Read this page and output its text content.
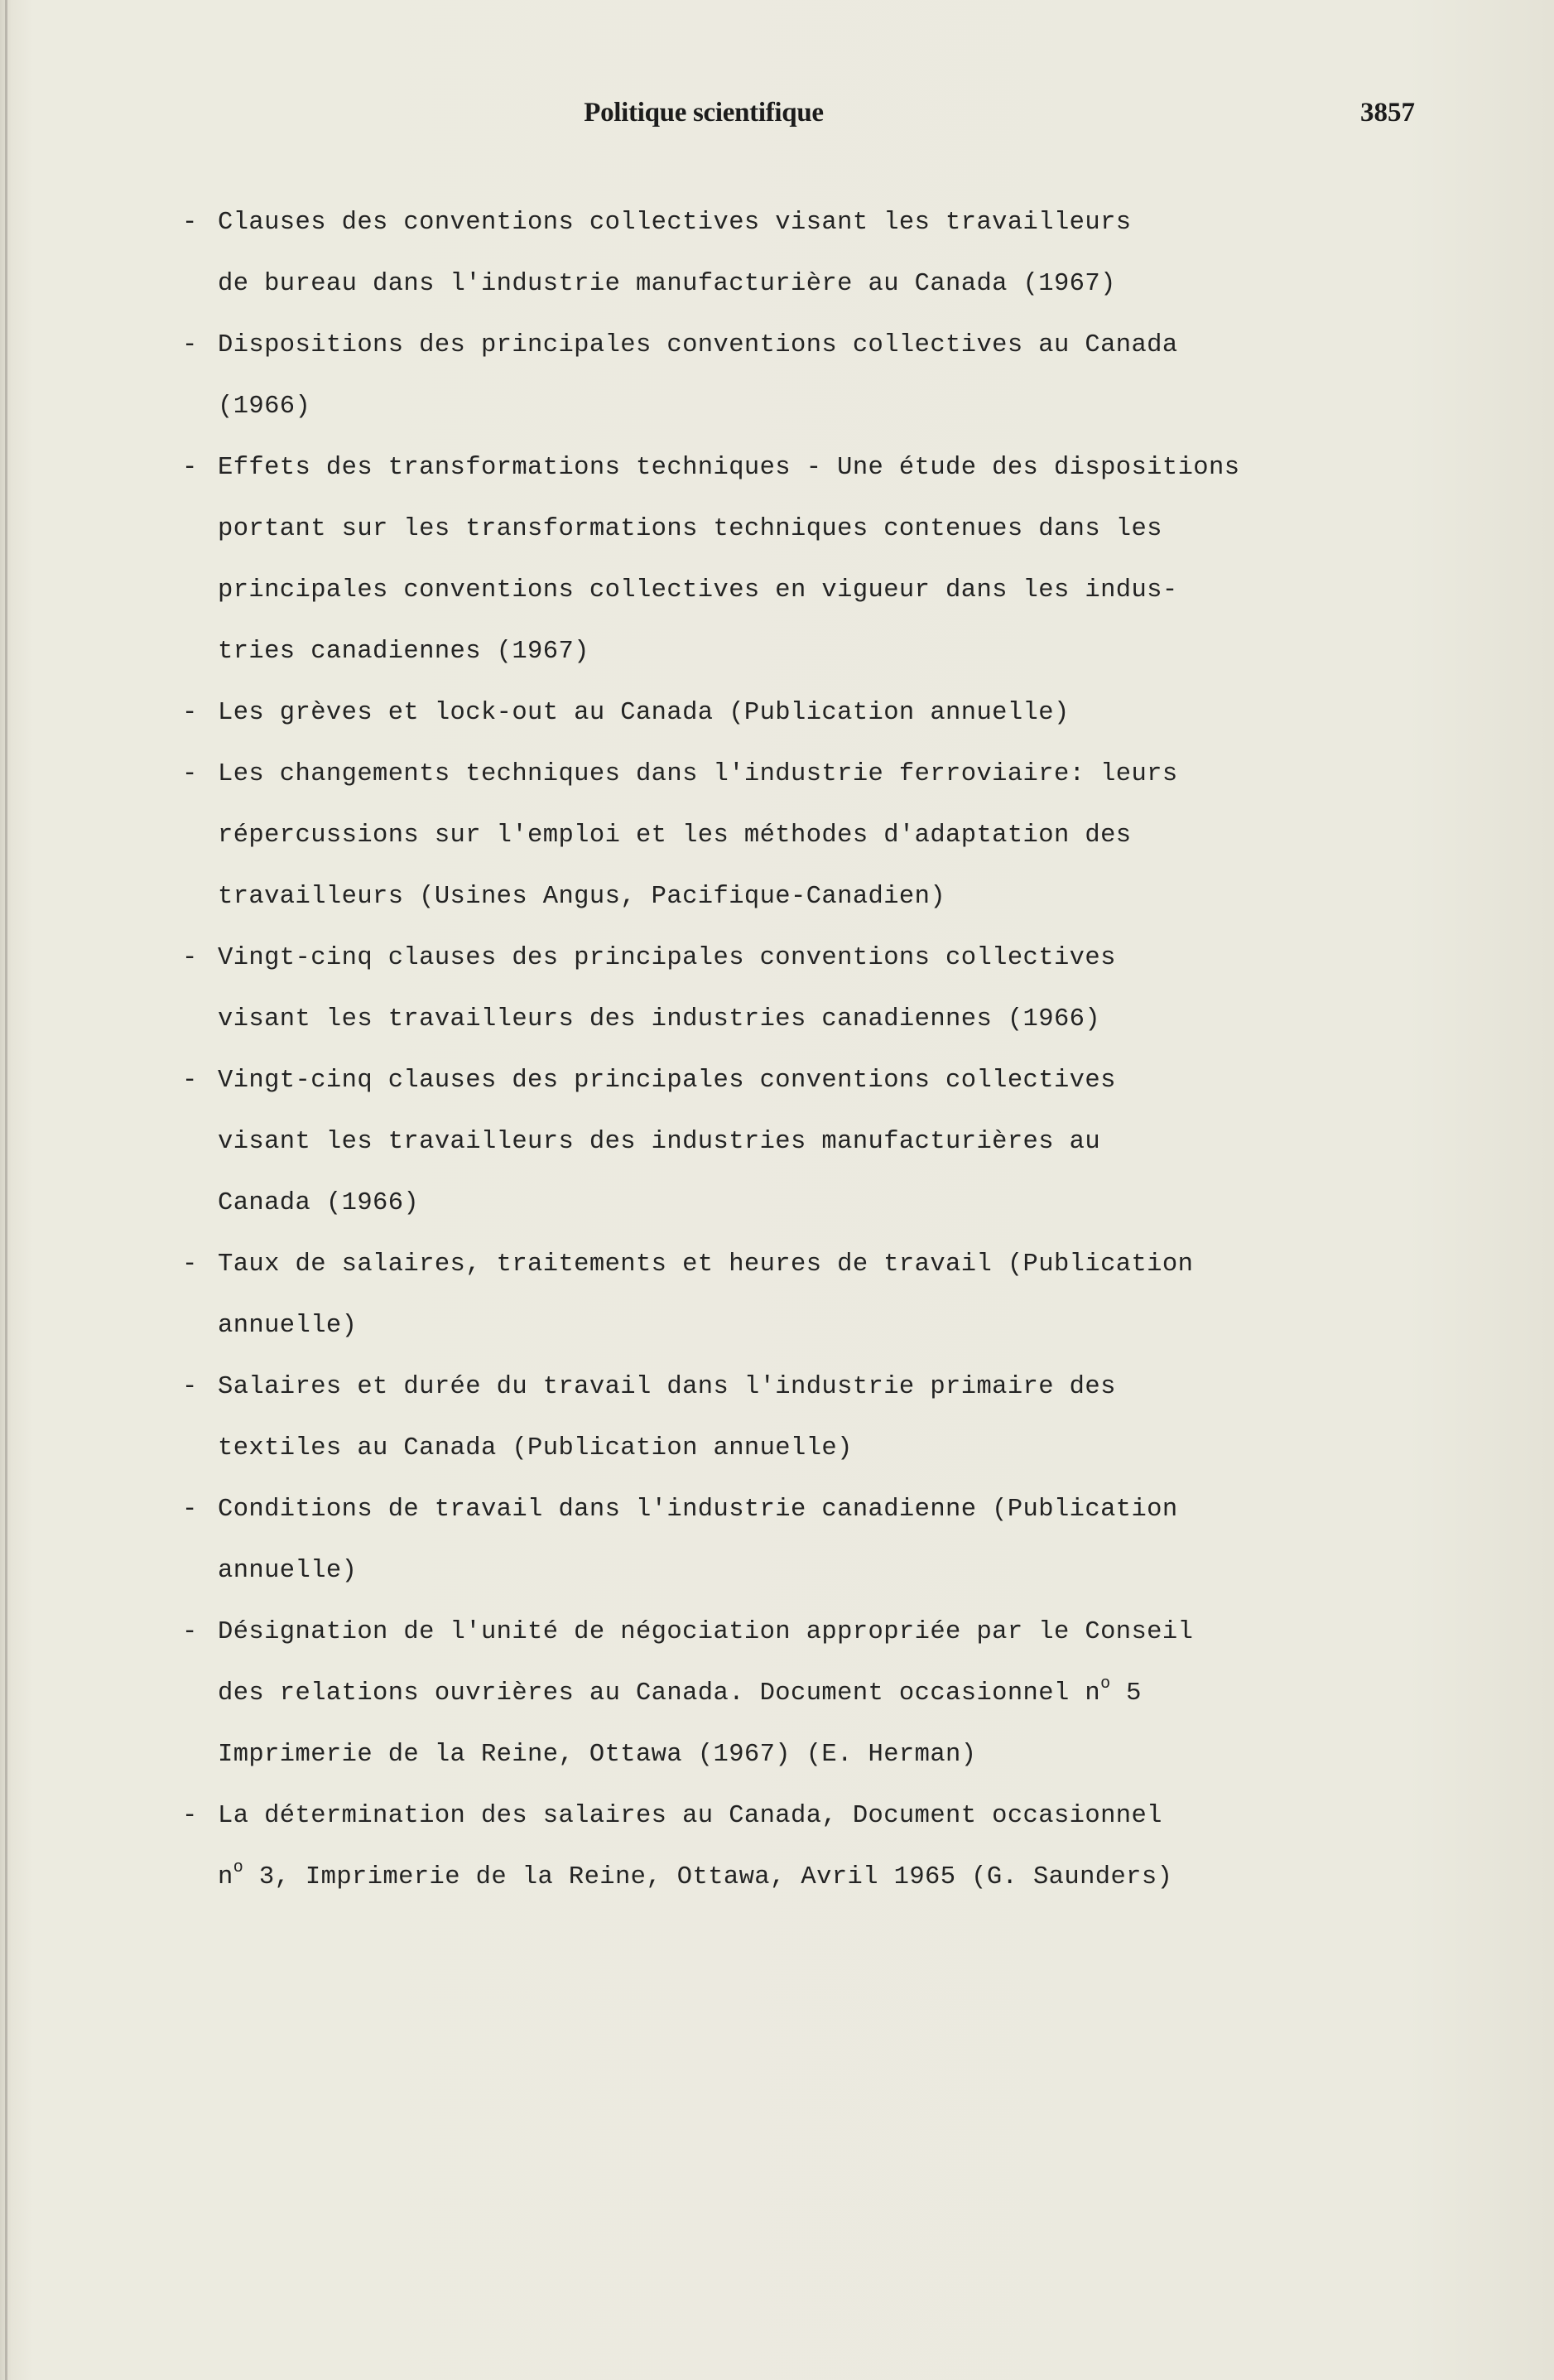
Politique scientifique	3857
- Clauses des conventions collectives visant les travailleurs
de bureau dans l'industrie manufacturière au Canada (1967)
- Dispositions des principales conventions collectives au Canada
(1966)
- Effets des transformations techniques - Une étude des dispositions
portant sur les transformations techniques contenues dans les
principales conventions collectives en vigueur dans les indus-
tries canadiennes (1967)
- Les grèves et lock-out au Canada (Publication annuelle)
- Les changements techniques dans l'industrie ferroviaire: leurs
répercussions sur l'emploi et les méthodes d'adaptation des
travailleurs (Usines Angus, Pacifique-Canadien)
- Vingt-cinq clauses des principales conventions collectives
visant les travailleurs des industries canadiennes (1966)
- Vingt-cinq clauses des principales conventions collectives
visant les travailleurs des industries manufacturières au
Canada (1966)
- Taux de salaires, traitements et heures de travail (Publication
annuelle)
- Salaires et durée du travail dans l'industrie primaire des
textiles au Canada (Publication annuelle)
- Conditions de travail dans l'industrie canadienne (Publication
annuelle)
- Désignation de l'unité de négociation appropriée par le Conseil
des relations ouvrières au Canada. Document occasionnel $n^o$ 5
Imprimerie de la Reine, Ottawa (1967) (E. Herman)
- La détermination des salaires au Canada, Document occasionnel
$n^o$ 3, Imprimerie de la Reine, Ottawa, Avril 1965 (G. Saunders)
